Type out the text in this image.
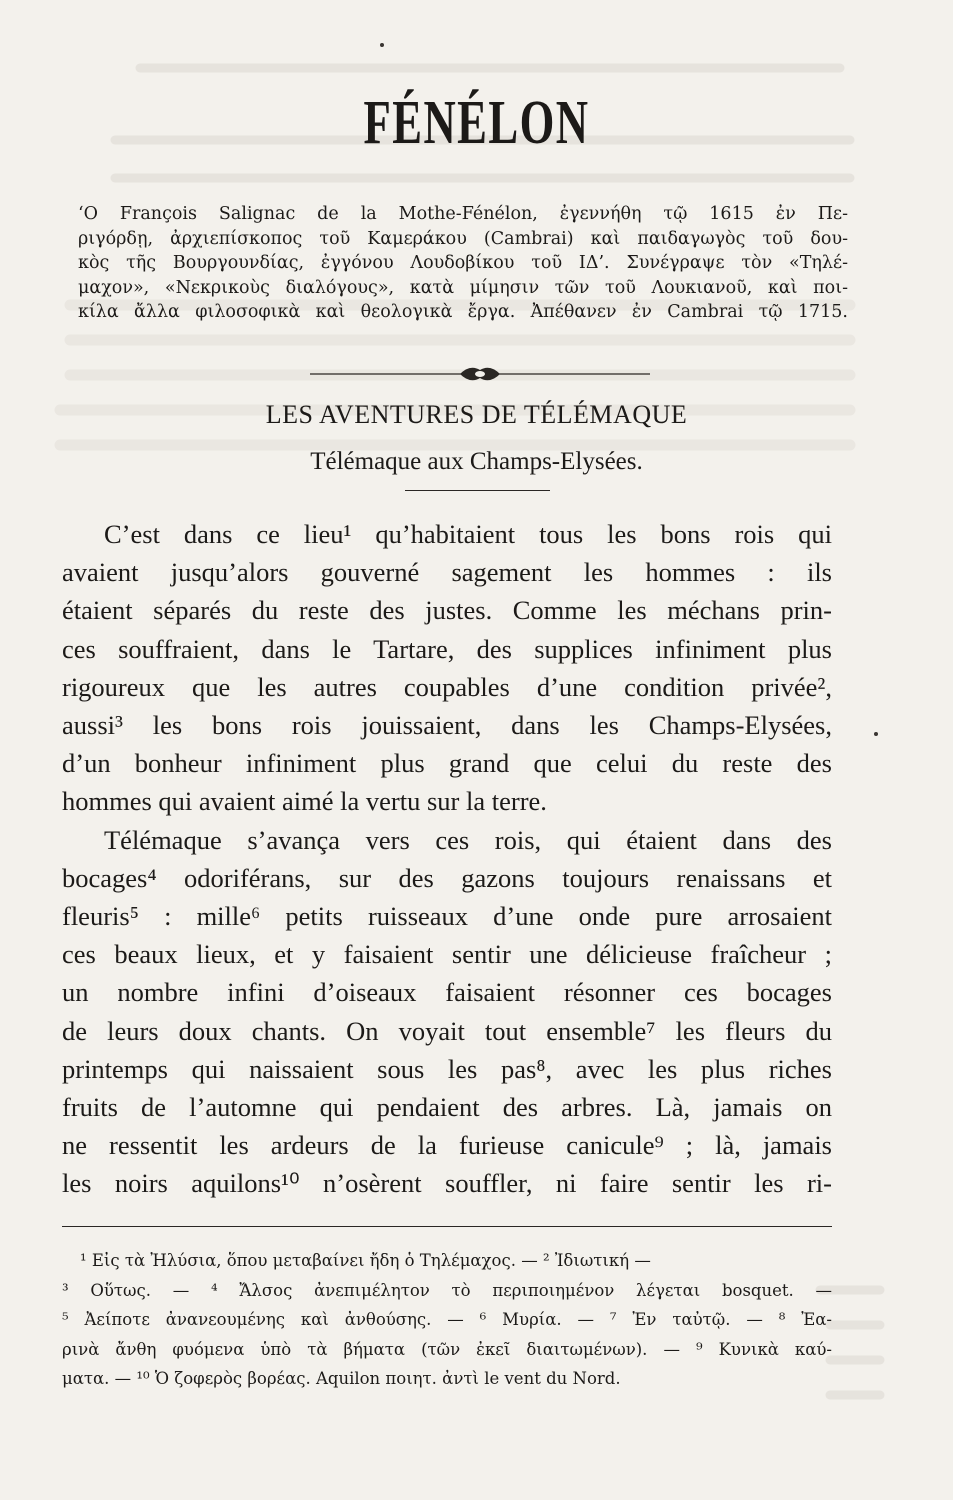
FÉNÉLON
‘Ο François Salignac de la Mothe-Fénélon, ἐγεννήθη τῷ 1615 ἐν Πε-
ριγόρδῃ, ἀρχιεπίσκοπος τοῦ Καμεράκου (Cambrai) καὶ παιδαγωγὸς τοῦ δου-
κὸς τῆς Βουργουνδίας, ἐγγόνου Λουδοβίκου τοῦ ΙΔ’. Συνέγραψε τὸν «Τηλέ-
μαχον», «Νεκρικοὺς διαλόγους», κατὰ μίμησιν τῶν τοῦ Λουκιανοῦ, καὶ ποι-
κίλα ἄλλα φιλοσοφικὰ καὶ θεολογικὰ ἔργα. Ἀπέθανεν ἐν Cambrai τῷ 1715.
LES AVENTURES DE TÉLÉMAQUE
Télémaque aux Champs-Elysées.
C’est dans ce lieu¹ qu’habitaient tous les bons rois qui
avaient jusqu’alors gouverné sagement les hommes : ils
étaient séparés du reste des justes. Comme les méchans prin-
ces souffraient, dans le Tartare, des supplices infiniment plus
rigoureux que les autres coupables d’une condition privée²,
aussi³ les bons rois jouissaient, dans les Champs-Elysées,
d’un bonheur infiniment plus grand que celui du reste des
hommes qui avaient aimé la vertu sur la terre.
Télémaque s’avança vers ces rois, qui étaient dans des
bocages⁴ odoriférans, sur des gazons toujours renaissans et
fleuris⁵ : mille⁶ petits ruisseaux d’une onde pure arrosaient
ces beaux lieux, et y faisaient sentir une délicieuse fraîcheur ;
un nombre infini d’oiseaux faisaient résonner ces bocages
de leurs doux chants. On voyait tout ensemble⁷ les fleurs du
printemps qui naissaient sous les pas⁸, avec les plus riches
fruits de l’automne qui pendaient des arbres. Là, jamais on
ne ressentit les ardeurs de la furieuse canicule⁹ ; là, jamais
les noirs aquilons¹⁰ n’osèrent souffler, ni faire sentir les ri-
¹ Εἰς τὰ Ἠλύσια, ὅπου μεταβαίνει ἤδη ὁ Τηλέμαχος. — ² Ἰδιωτική —
³ Οὕτως. — ⁴ Ἄλσος ἀνεπιμέλητον τὸ περιποιημένον λέγεται bosquet. —
⁵ Ἀείποτε ἀνανεουμένης καὶ ἀνθούσης. — ⁶ Μυρία. — ⁷ Ἐν ταὐτῷ. — ⁸ Ἐα-
ρινὰ ἄνθη φυόμενα ὑπὸ τὰ βήματα (τῶν ἐκεῖ διαιτωμένων). — ⁹ Κυνικὰ καύ-
ματα. — ¹⁰ Ὁ ζοφερὸς βορέας. Aquilon ποιητ. ἀντὶ le vent du Nord.
